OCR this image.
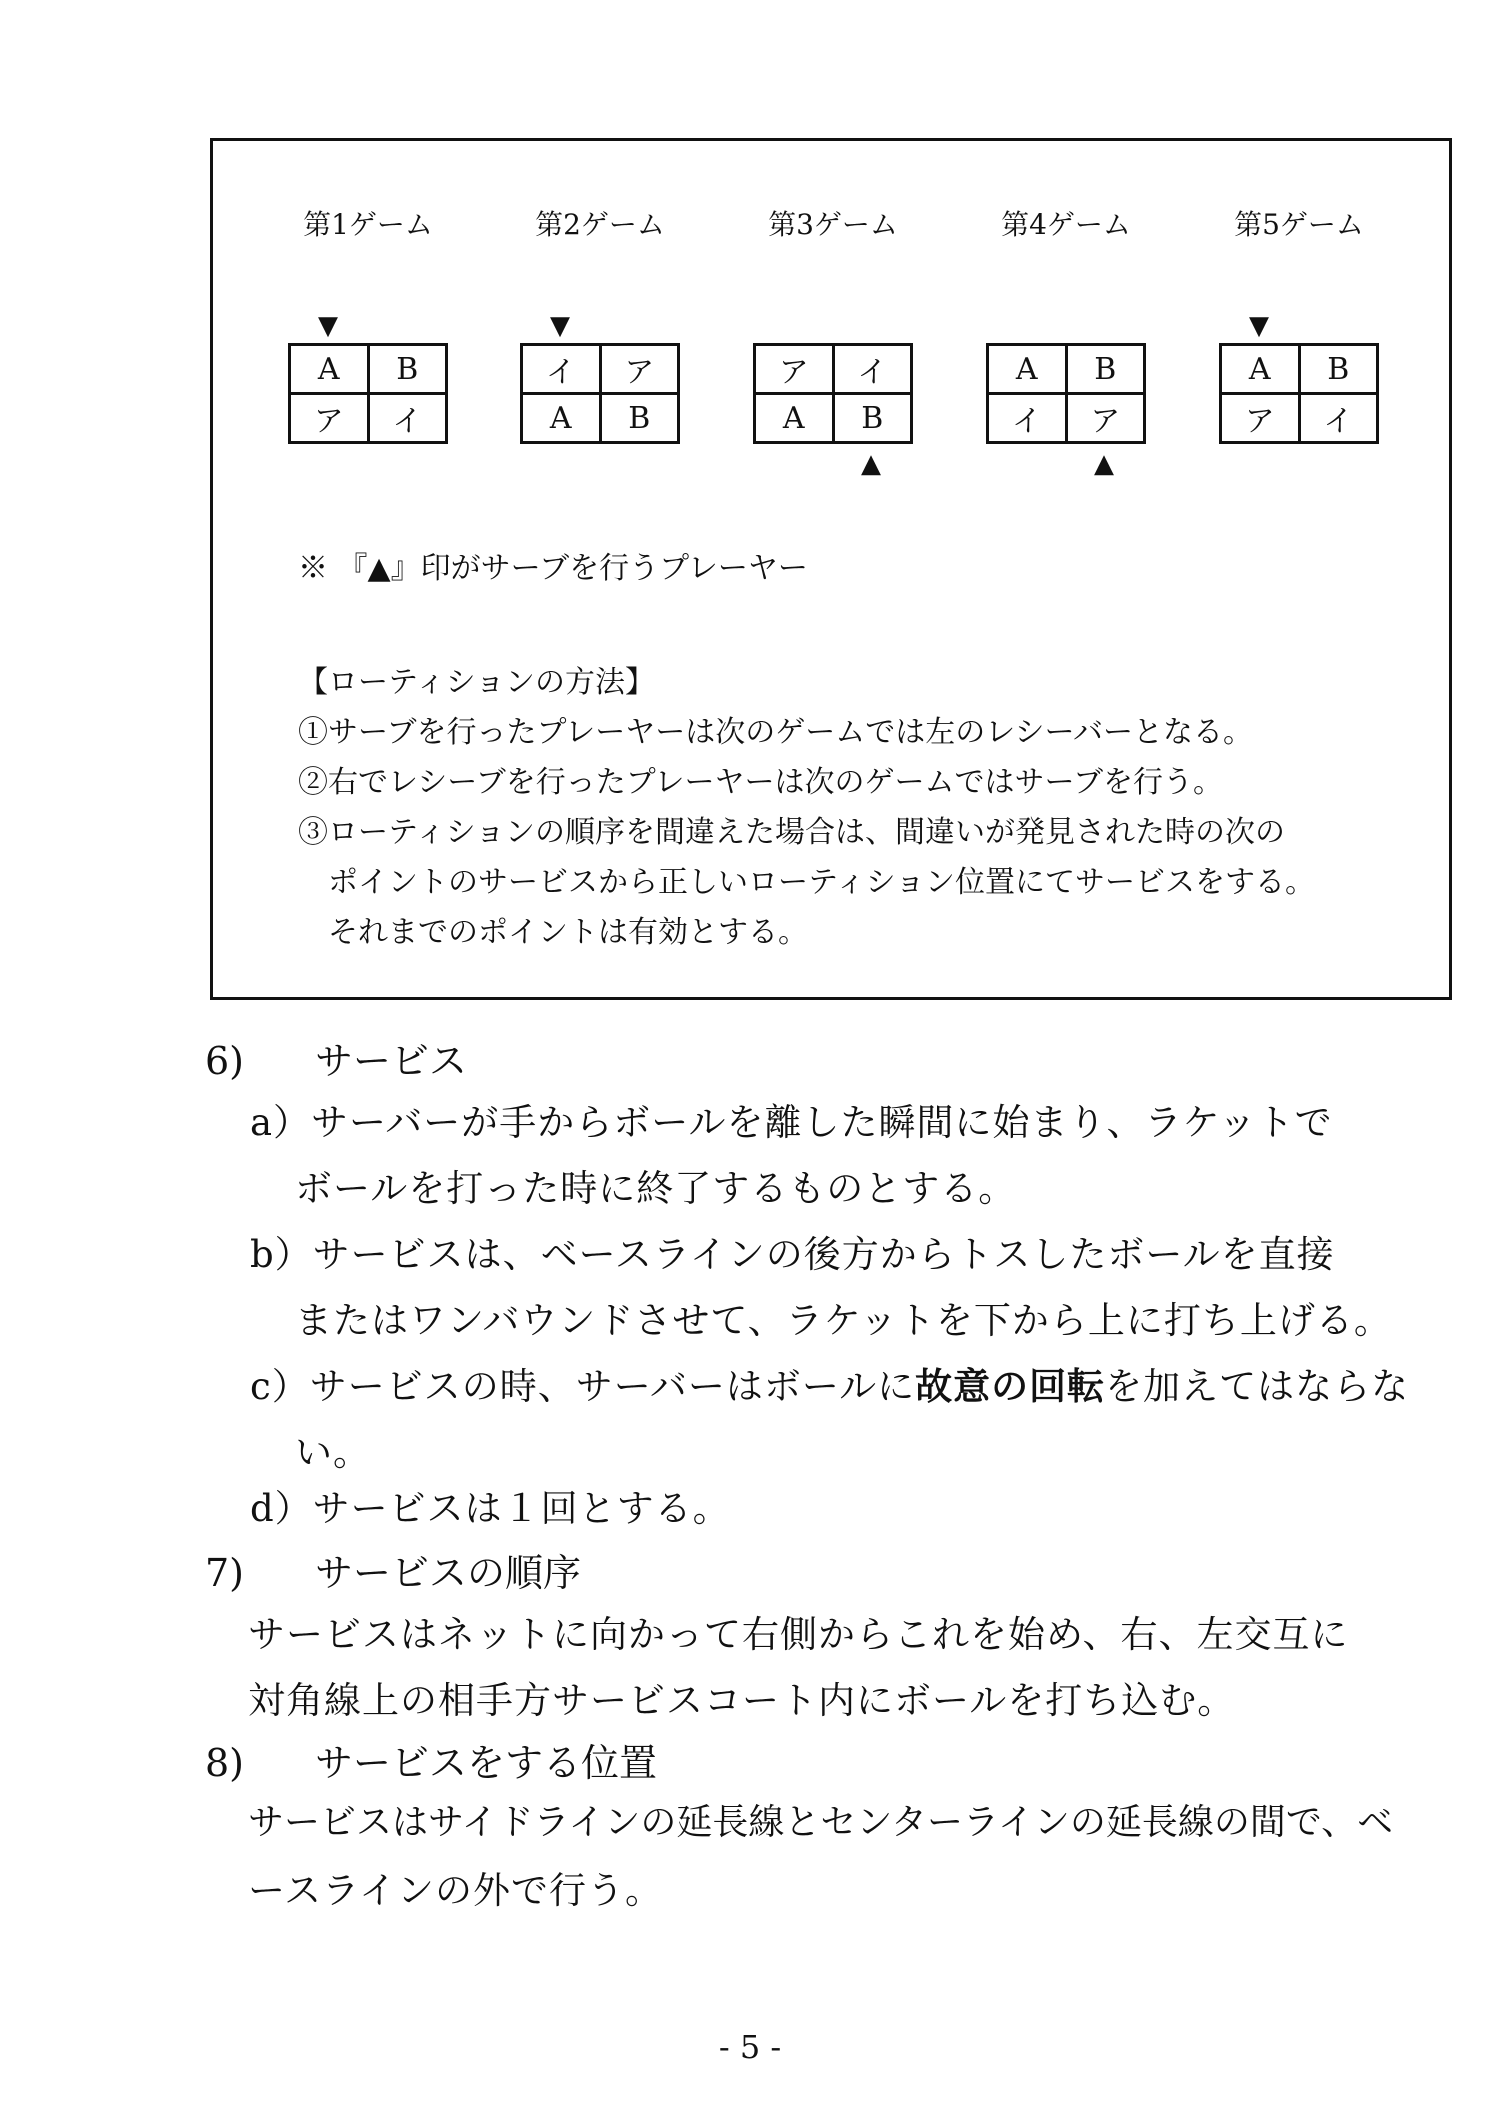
第1ゲーム
▼
A	B
ア	イ
第2ゲーム
▼
イ	ア
A	B
第3ゲーム
ア	イ
A	B
▲
第4ゲーム
A	B
イ	ア
▲
第5ゲーム
▼
A	B
ア	イ
※ 『▲』印がサーブを行うプレーヤー
【ローティションの方法】
①サーブを行ったプレーヤーは次のゲームでは左のレシーバーとなる。
②右でレシーブを行ったプレーヤーは次のゲームではサーブを行う。
③ローティションの順序を間違えた場合は、間違いが発見された時の次の
ポイントのサービスから正しいローティション位置にてサービスをする。
それまでのポイントは有効とする。
6) サービス
a）サーバーが手からボールを離した瞬間に始まり、ラケットで
ボールを打った時に終了するものとする。
b）サービスは、ベースラインの後方からトスしたボールを直接
またはワンバウンドさせて、ラケットを下から上に打ち上げる。
c）サービスの時、サーバーはボールに故意の回転を加えてはならな
い。
d）サービスは１回とする。
7) サービスの順序
サービスはネットに向かって右側からこれを始め、右、左交互に
対角線上の相手方サービスコート内にボールを打ち込む。
8) サービスをする位置
サービスはサイドラインの延長線とセンターラインの延長線の間で、ベ
ースラインの外で行う。
- 5 -
